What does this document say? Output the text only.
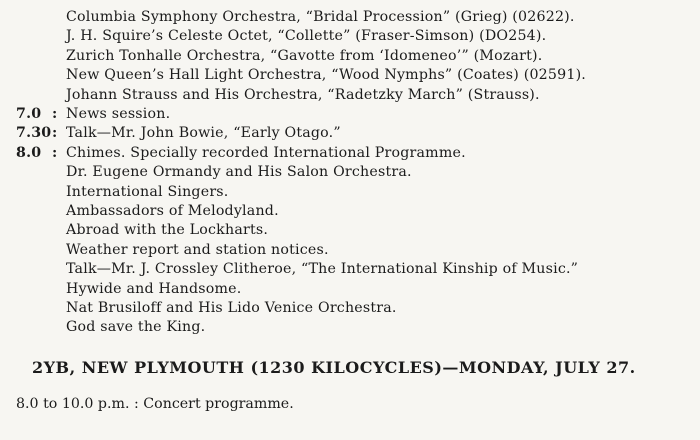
Columbia Symphony Orchestra, “Bridal Procession” (Grieg) (02622).
J. H. Squire’s Celeste Octet, “Collette” (Fraser-Simson) (DO254).
Zurich Tonhalle Orchestra, “Gavotte from ‘Idomeneo’” (Mozart).
New Queen’s Hall Light Orchestra, “Wood Nymphs” (Coates) (02591).
Johann Strauss and His Orchestra, “Radetzky March” (Strauss).
7.0 : News session.
7.30 : Talk—Mr. John Bowie, “Early Otago.”
8.0 : Chimes. Specially recorded International Programme.
Dr. Eugene Ormandy and His Salon Orchestra.
International Singers.
Ambassadors of Melodyland.
Abroad with the Lockharts.
Weather report and station notices.
Talk—Mr. J. Crossley Clitheroe, “The International Kinship of Music.”
Hywide and Handsome.
Nat Brusiloff and His Lido Venice Orchestra.
God save the King.
2YB, NEW PLYMOUTH (1230 KILOCYCLES)—MONDAY, JULY 27.
8.0 to 10.0 p.m. : Concert programme.
